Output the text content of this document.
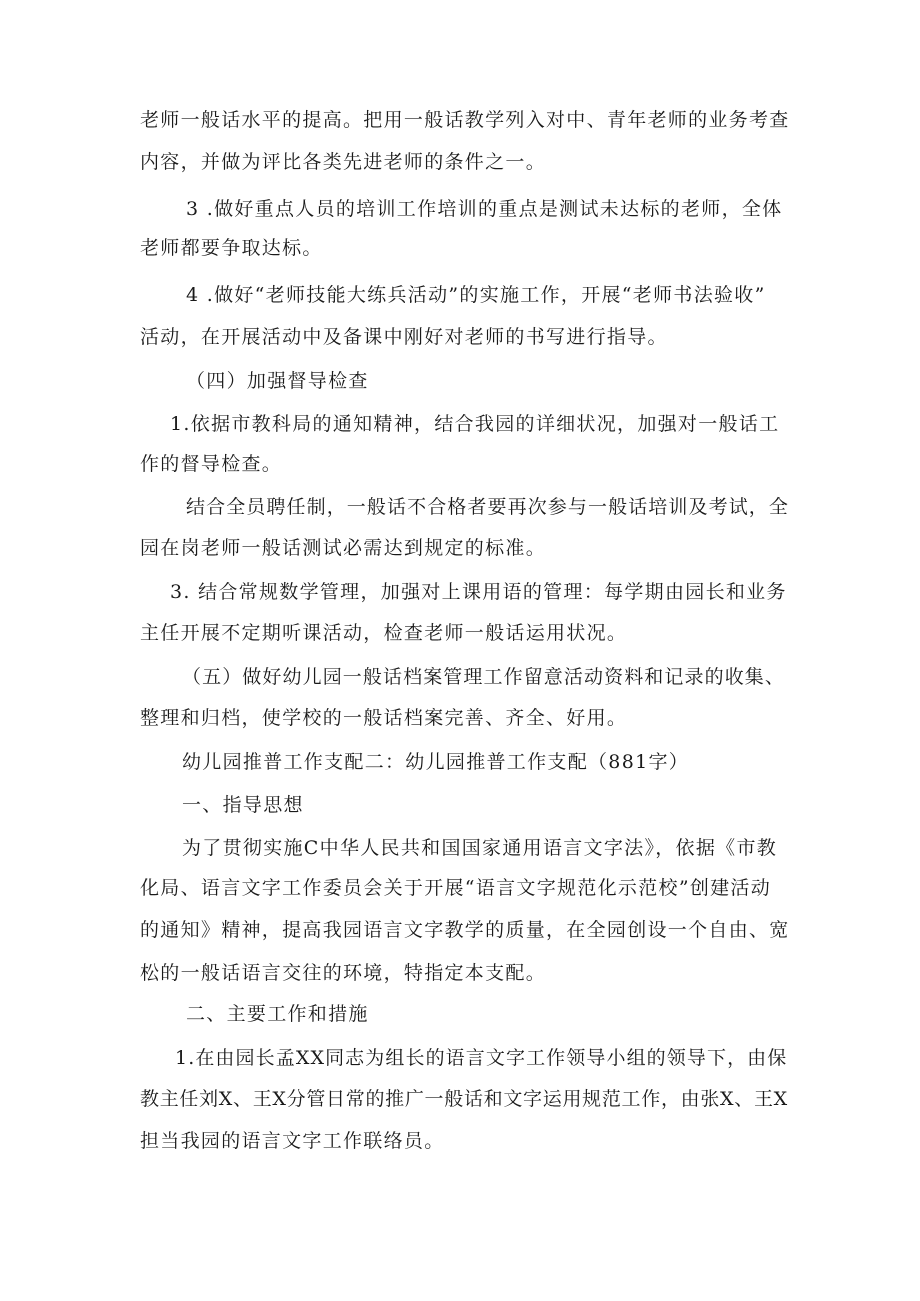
老师一般话水平的提高。把用一般话教学列入对中、青年老师的业务考查
内容，并做为评比各类先进老师的条件之一。
3 .做好重点人员的培训工作培训的重点是测试未达标的老师，全体
老师都要争取达标。
4 .做好“老师技能大练兵活动”的实施工作，开展“老师书法验收”
活动，在开展活动中及备课中刚好对老师的书写进行指导。
（四）加强督导检查
1.依据市教科局的通知精神，结合我园的详细状况，加强对一般话工
作的督导检查。
结合全员聘任制，一般话不合格者要再次参与一般话培训及考试，全
园在岗老师一般话测试必需达到规定的标准。
3. 结合常规数学管理，加强对上课用语的管理：每学期由园长和业务
主任开展不定期听课活动，检查老师一般话运用状况。
（五）做好幼儿园一般话档案管理工作留意活动资料和记录的收集、
整理和归档，使学校的一般话档案完善、齐全、好用。
幼儿园推普工作支配二：幼儿园推普工作支配（881字）
一、指导思想
为了贯彻实施C中华人民共和国国家通用语言文字法》，依据《市教
化局、语言文字工作委员会关于开展“语言文字规范化示范校”创建活动
的通知》精神，提高我园语言文字教学的质量，在全园创设一个自由、宽
松的一般话语言交往的环境，特指定本支配。
二、主要工作和措施
1.在由园长孟XX同志为组长的语言文字工作领导小组的领导下，由保
教主任刘X、王X分管日常的推广一般话和文字运用规范工作，由张X、王X
担当我园的语言文字工作联络员。
